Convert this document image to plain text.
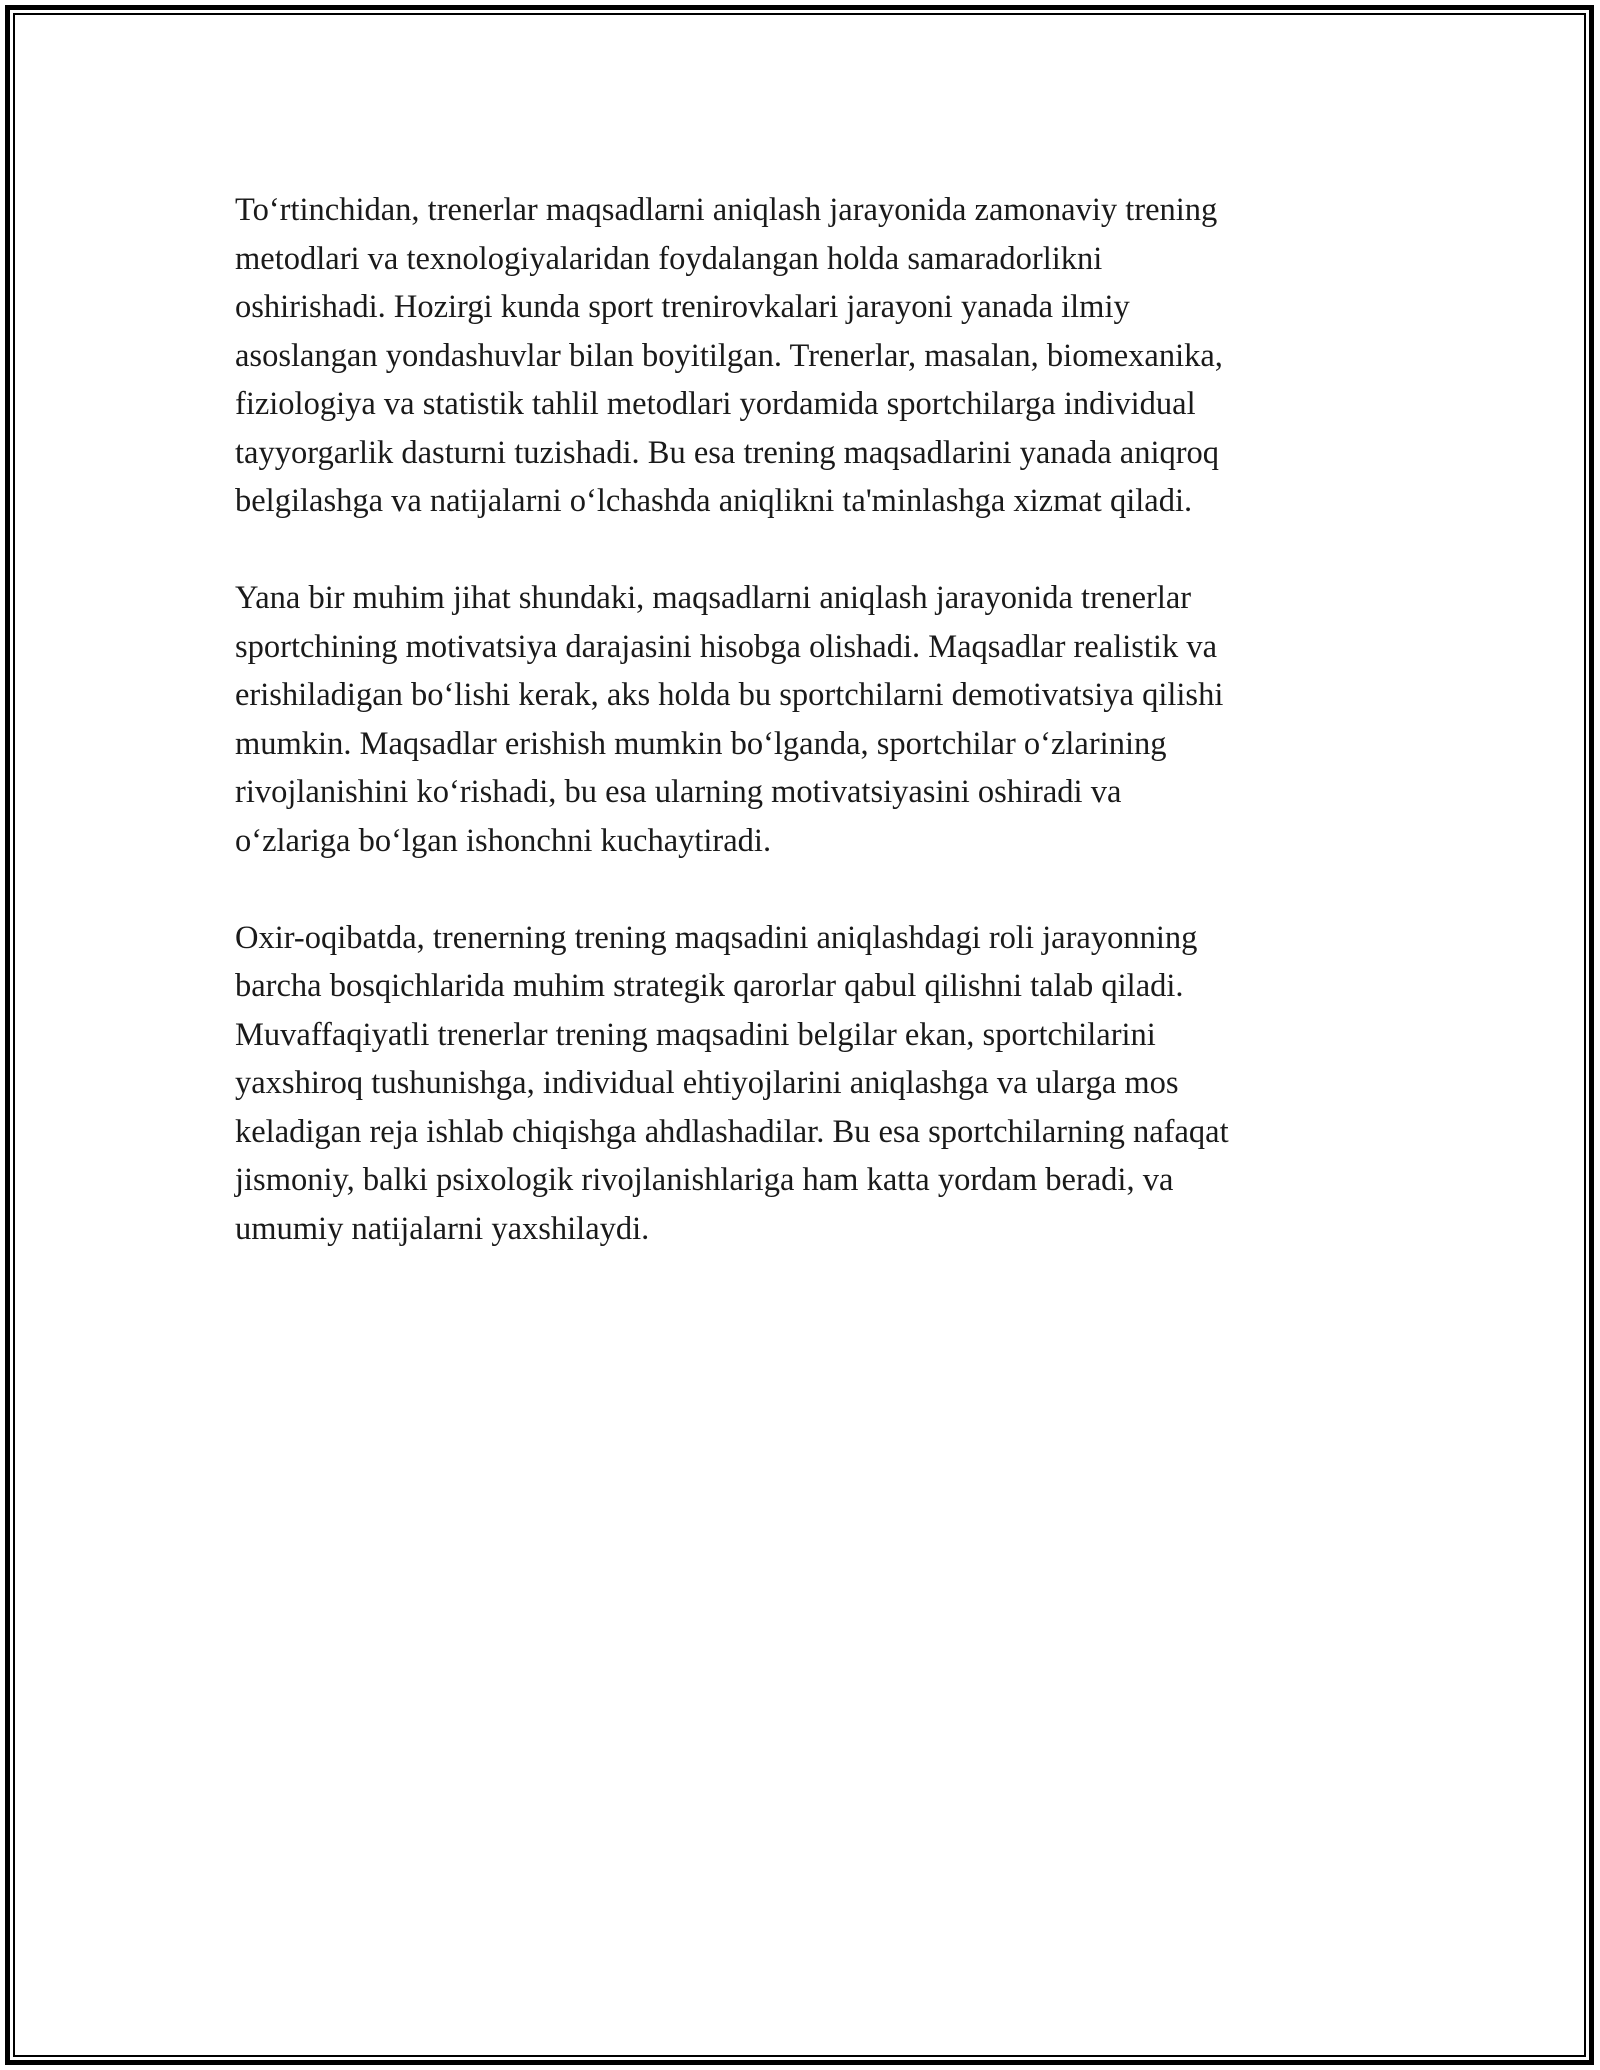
To‘rtinchidan, trenerlar maqsadlarni aniqlash jarayonida zamonaviy trening
metodlari va texnologiyalaridan foydalangan holda samaradorlikni
oshirishadi. Hozirgi kunda sport trenirovkalari jarayoni yanada ilmiy
asoslangan yondashuvlar bilan boyitilgan. Trenerlar, masalan, biomexanika,
fiziologiya va statistik tahlil metodlari yordamida sportchilarga individual
tayyorgarlik dasturni tuzishadi. Bu esa trening maqsadlarini yanada aniqroq
belgilashga va natijalarni o‘lchashda aniqlikni ta'minlashga xizmat qiladi.

Yana bir muhim jihat shundaki, maqsadlarni aniqlash jarayonida trenerlar
sportchining motivatsiya darajasini hisobga olishadi. Maqsadlar realistik va
erishiladigan bo‘lishi kerak, aks holda bu sportchilarni demotivatsiya qilishi
mumkin. Maqsadlar erishish mumkin bo‘lganda, sportchilar o‘zlarining
rivojlanishini ko‘rishadi, bu esa ularning motivatsiyasini oshiradi va
o‘zlariga bo‘lgan ishonchni kuchaytiradi.

Oxir-oqibatda, trenerning trening maqsadini aniqlashdagi roli jarayonning
barcha bosqichlarida muhim strategik qarorlar qabul qilishni talab qiladi.
Muvaffaqiyatli trenerlar trening maqsadini belgilar ekan, sportchilarini
yaxshiroq tushunishga, individual ehtiyojlarini aniqlashga va ularga mos
keladigan reja ishlab chiqishga ahdlashadilar. Bu esa sportchilarning nafaqat
jismoniy, balki psixologik rivojlanishlariga ham katta yordam beradi, va
umumiy natijalarni yaxshilaydi.
